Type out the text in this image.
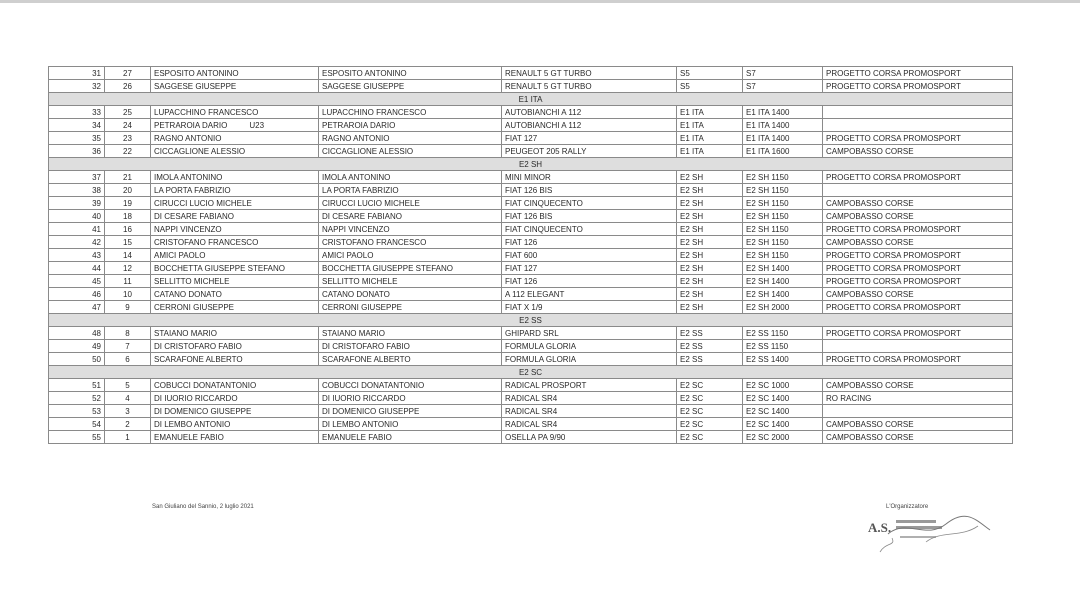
31	27	ESPOSITO ANTONINO	ESPOSITO ANTONINO	RENAULT 5 GT TURBO	S5	S7	PROGETTO CORSA PROMOSPORT
32	26	SAGGESE GIUSEPPE	SAGGESE GIUSEPPE	RENAULT 5 GT TURBO	S5	S7	PROGETTO CORSA PROMOSPORT
E1 ITA							
33	25	LUPACCHINO FRANCESCO	LUPACCHINO FRANCESCO	AUTOBIANCHI A 112	E1 ITA	E1 ITA 1400	
34	24	PETRAROIA DARIO U23	PETRAROIA DARIO	AUTOBIANCHI A 112	E1 ITA	E1 ITA 1400	
35	23	RAGNO ANTONIO	RAGNO ANTONIO	FIAT 127	E1 ITA	E1 ITA 1400	PROGETTO CORSA PROMOSPORT
36	22	CICCAGLIONE ALESSIO	CICCAGLIONE ALESSIO	PEUGEOT 205 RALLY	E1 ITA	E1 ITA 1600	CAMPOBASSO CORSE
E2 SH							
37	21	IMOLA ANTONINO	IMOLA ANTONINO	MINI MINOR	E2 SH	E2 SH 1150	PROGETTO CORSA PROMOSPORT
38	20	LA PORTA FABRIZIO	LA PORTA FABRIZIO	FIAT 126 BIS	E2 SH	E2 SH 1150	
39	19	CIRUCCI LUCIO MICHELE	CIRUCCI LUCIO MICHELE	FIAT CINQUECENTO	E2 SH	E2 SH 1150	CAMPOBASSO CORSE
40	18	DI CESARE FABIANO	DI CESARE FABIANO	FIAT 126 BIS	E2 SH	E2 SH 1150	CAMPOBASSO CORSE
41	16	NAPPI VINCENZO	NAPPI VINCENZO	FIAT CINQUECENTO	E2 SH	E2 SH 1150	PROGETTO CORSA PROMOSPORT
42	15	CRISTOFANO FRANCESCO	CRISTOFANO FRANCESCO	FIAT 126	E2 SH	E2 SH 1150	CAMPOBASSO CORSE
43	14	AMICI PAOLO	AMICI PAOLO	FIAT 600	E2 SH	E2 SH 1150	PROGETTO CORSA PROMOSPORT
44	12	BOCCHETTA GIUSEPPE STEFANO	BOCCHETTA GIUSEPPE STEFANO	FIAT 127	E2 SH	E2 SH 1400	PROGETTO CORSA PROMOSPORT
45	11	SELLITTO MICHELE	SELLITTO MICHELE	FIAT 126	E2 SH	E2 SH 1400	PROGETTO CORSA PROMOSPORT
46	10	CATANO DONATO	CATANO DONATO	A 112 ELEGANT	E2 SH	E2 SH 1400	CAMPOBASSO CORSE
47	9	CERRONI GIUSEPPE	CERRONI GIUSEPPE	FIAT X 1/9	E2 SH	E2 SH 2000	PROGETTO CORSA PROMOSPORT
E2 SS							
48	8	STAIANO MARIO	STAIANO MARIO	GHIPARD SRL	E2 SS	E2 SS 1150	PROGETTO CORSA PROMOSPORT
49	7	DI CRISTOFARO FABIO	DI CRISTOFARO FABIO	FORMULA GLORIA	E2 SS	E2 SS 1150	
50	6	SCARAFONE ALBERTO	SCARAFONE ALBERTO	FORMULA GLORIA	E2 SS	E2 SS 1400	PROGETTO CORSA PROMOSPORT
E2 SC							
51	5	COBUCCI DONATANTONIO	COBUCCI DONATANTONIO	RADICAL PROSPORT	E2 SC	E2 SC 1000	CAMPOBASSO CORSE
52	4	DI IUORIO RICCARDO	DI IUORIO RICCARDO	RADICAL SR4	E2 SC	E2 SC 1400	RO RACING
53	3	DI DOMENICO GIUSEPPE	DI DOMENICO GIUSEPPE	RADICAL SR4	E2 SC	E2 SC 1400	
54	2	DI LEMBO ANTONIO	DI LEMBO ANTONIO	RADICAL SR4	E2 SC	E2 SC 1400	CAMPOBASSO CORSE
55	1	EMANUELE FABIO	EMANUELE FABIO	OSELLA PA 9/90	E2 SC	E2 SC 2000	CAMPOBASSO CORSE
San Giuliano del Sannio, 2 luglio 2021	L'Organizzatore
A.S.
